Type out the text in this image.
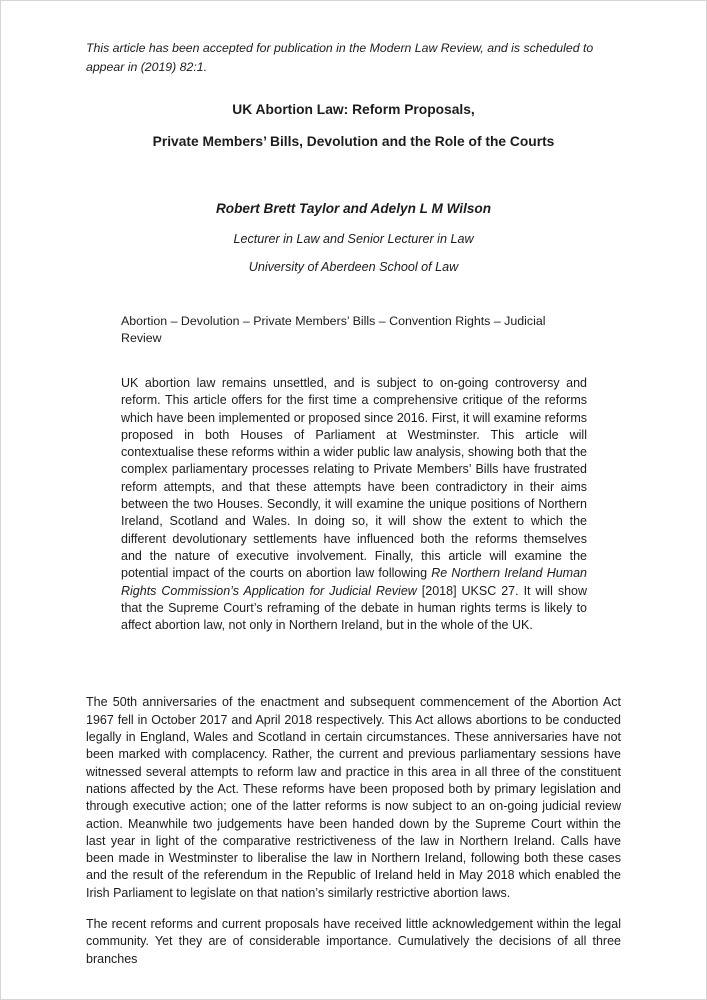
This article has been accepted for publication in the Modern Law Review, and is scheduled to appear in (2019) 82:1.

UK Abortion Law: Reform Proposals,

Private Members’ Bills, Devolution and the Role of the Courts

Robert Brett Taylor and Adelyn L M Wilson

Lecturer in Law and Senior Lecturer in Law

University of Aberdeen School of Law

Abortion – Devolution – Private Members’ Bills – Convention Rights – Judicial Review

UK abortion law remains unsettled, and is subject to on-going controversy and reform. This article offers for the first time a comprehensive critique of the reforms which have been implemented or proposed since 2016. First, it will examine reforms proposed in both Houses of Parliament at Westminster. This article will contextualise these reforms within a wider public law analysis, showing both that the complex parliamentary processes relating to Private Members’ Bills have frustrated reform attempts, and that these attempts have been contradictory in their aims between the two Houses. Secondly, it will examine the unique positions of Northern Ireland, Scotland and Wales. In doing so, it will show the extent to which the different devolutionary settlements have influenced both the reforms themselves and the nature of executive involvement. Finally, this article will examine the potential impact of the courts on abortion law following Re Northern Ireland Human Rights Commission’s Application for Judicial Review [2018] UKSC 27. It will show that the Supreme Court’s reframing of the debate in human rights terms is likely to affect abortion law, not only in Northern Ireland, but in the whole of the UK.

The 50th anniversaries of the enactment and subsequent commencement of the Abortion Act 1967 fell in October 2017 and April 2018 respectively. This Act allows abortions to be conducted legally in England, Wales and Scotland in certain circumstances. These anniversaries have not been marked with complacency. Rather, the current and previous parliamentary sessions have witnessed several attempts to reform law and practice in this area in all three of the constituent nations affected by the Act. These reforms have been proposed both by primary legislation and through executive action; one of the latter reforms is now subject to an on-going judicial review action. Meanwhile two judgements have been handed down by the Supreme Court within the last year in light of the comparative restrictiveness of the law in Northern Ireland. Calls have been made in Westminster to liberalise the law in Northern Ireland, following both these cases and the result of the referendum in the Republic of Ireland held in May 2018 which enabled the Irish Parliament to legislate on that nation’s similarly restrictive abortion laws.

The recent reforms and current proposals have received little acknowledgement within the legal community. Yet they are of considerable importance. Cumulatively the decisions of all three branches
